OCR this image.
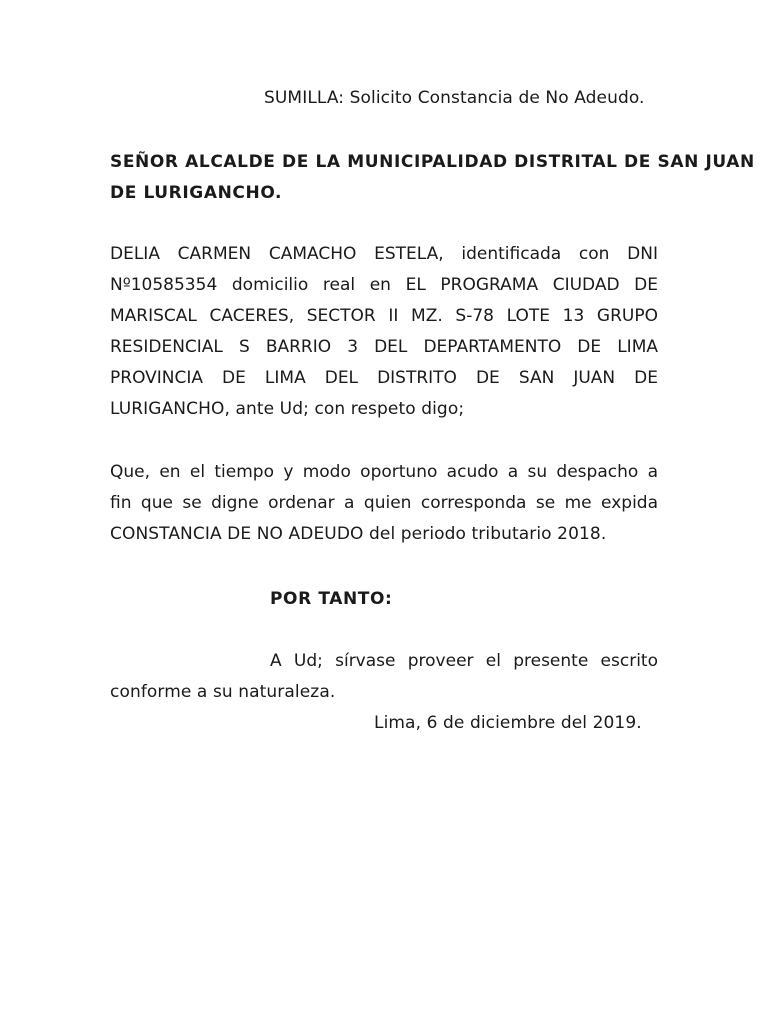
SUMILLA: Solicito Constancia de No Adeudo.
SEÑOR ALCALDE DE LA MUNICIPALIDAD DISTRITAL DE SAN JUAN
DE LURIGANCHO.
DELIA CARMEN CAMACHO ESTELA, identificada con DNI
Nº10585354 domicilio real en EL PROGRAMA CIUDAD DE
MARISCAL CACERES, SECTOR II MZ. S-78 LOTE 13 GRUPO
RESIDENCIAL S BARRIO 3 DEL DEPARTAMENTO DE LIMA
PROVINCIA DE LIMA DEL DISTRITO DE SAN JUAN DE
LURIGANCHO, ante Ud; con respeto digo;
Que, en el tiempo y modo oportuno acudo a su despacho a
fin que se digne ordenar a quien corresponda se me expida
CONSTANCIA DE NO ADEUDO del periodo tributario 2018.
POR TANTO:
A Ud; sírvase proveer el presente escrito
conforme a su naturaleza.
Lima, 6 de diciembre del 2019.
